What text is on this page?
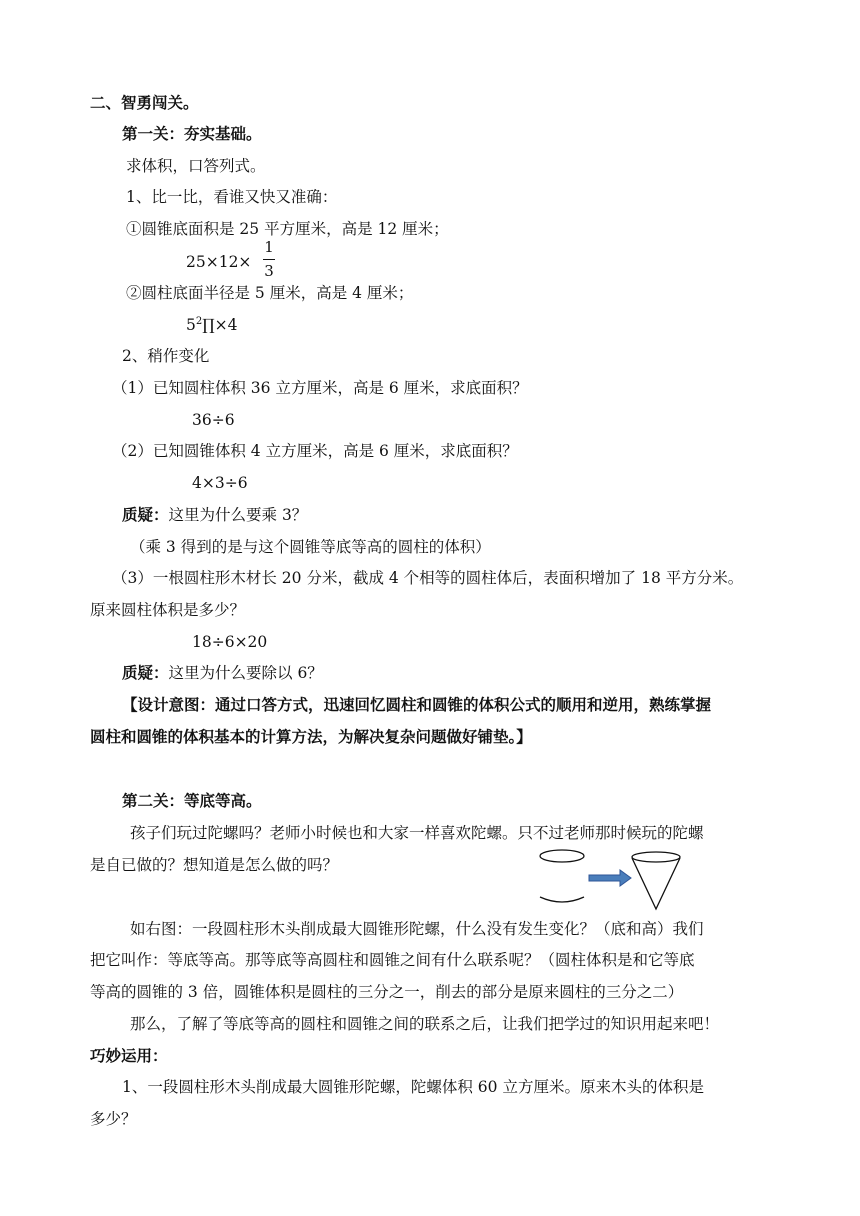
二、智勇闯关。
第一关：夯实基础。
求体积，口答列式。
1、比一比，看谁又快又准确：
①圆锥底面积是 25 平方厘米，高是 12 厘米；
25×12×
1
3
②圆柱底面半径是 5 厘米，高是 4 厘米；
$5^2\prod\times 4$
2、稍作变化
（1）已知圆柱体积 36 立方厘米，高是 6 厘米，求底面积？
36÷6
（2）已知圆锥体积 4 立方厘米，高是 6 厘米，求底面积？
4×3÷6
质疑：这里为什么要乘 3？
（乘 3 得到的是与这个圆锥等底等高的圆柱的体积）
（3）一根圆柱形木材长 20 分米，截成 4 个相等的圆柱体后，表面积增加了 18 平方分米。
原来圆柱体积是多少？
18÷6×20
质疑：这里为什么要除以 6？
【设计意图：通过口答方式，迅速回忆圆柱和圆锥的体积公式的顺用和逆用，熟练掌握
圆柱和圆锥的体积基本的计算方法，为解决复杂问题做好铺垫。】
第二关：等底等高。
孩子们玩过陀螺吗？老师小时候也和大家一样喜欢陀螺。只不过老师那时候玩的陀螺
是自已做的？想知道是怎么做的吗？
如右图：一段圆柱形木头削成最大圆锥形陀螺，什么没有发生变化？（底和高）我们
把它叫作：等底等高。那等底等高圆柱和圆锥之间有什么联系呢？（圆柱体积是和它等底
等高的圆锥的 3 倍，圆锥体积是圆柱的三分之一，削去的部分是原来圆柱的三分之二）
那么，了解了等底等高的圆柱和圆锥之间的联系之后，让我们把学过的知识用起来吧！
巧妙运用：
1、一段圆柱形木头削成最大圆锥形陀螺，陀螺体积 60 立方厘米。原来木头的体积是
多少？
